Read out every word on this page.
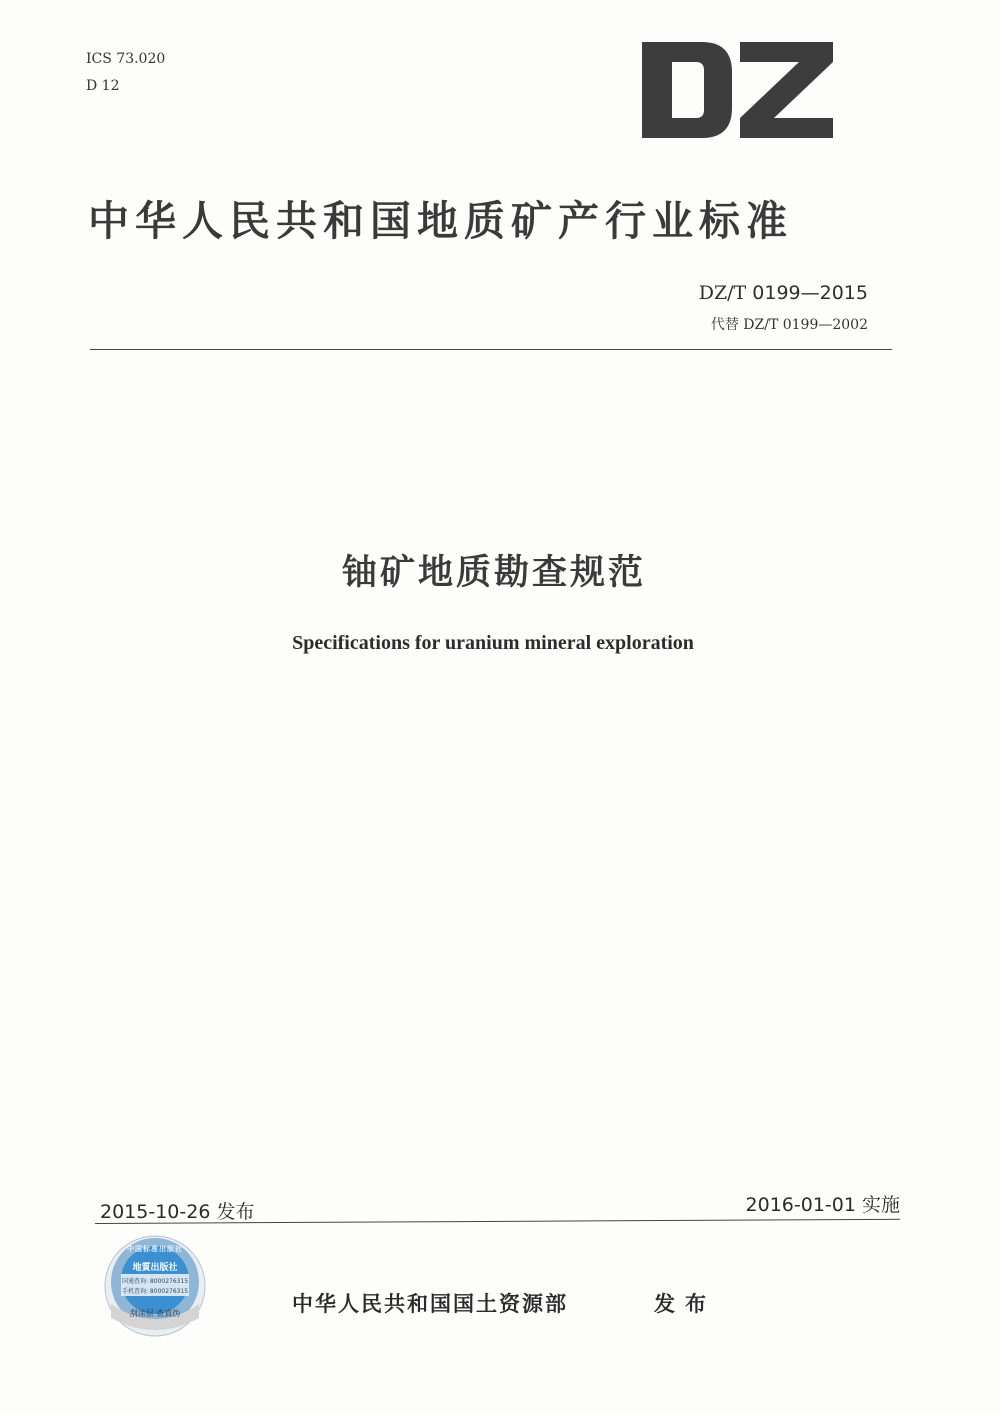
ICS 73.020
D 12
中华人民共和国地质矿产行业标准
DZ/T 0199—2015
代替 DZ/T 0199—2002
铀矿地质勘查规范
Specifications for uranium mineral exploration
2015-10-26 发布	2016-01-01 实施
中国标准出版社
地質出版社
国通查询: 8000276315
手机查询: 8000276315
刮涂层 查真伪	中华人民共和国国土资源部	发布
